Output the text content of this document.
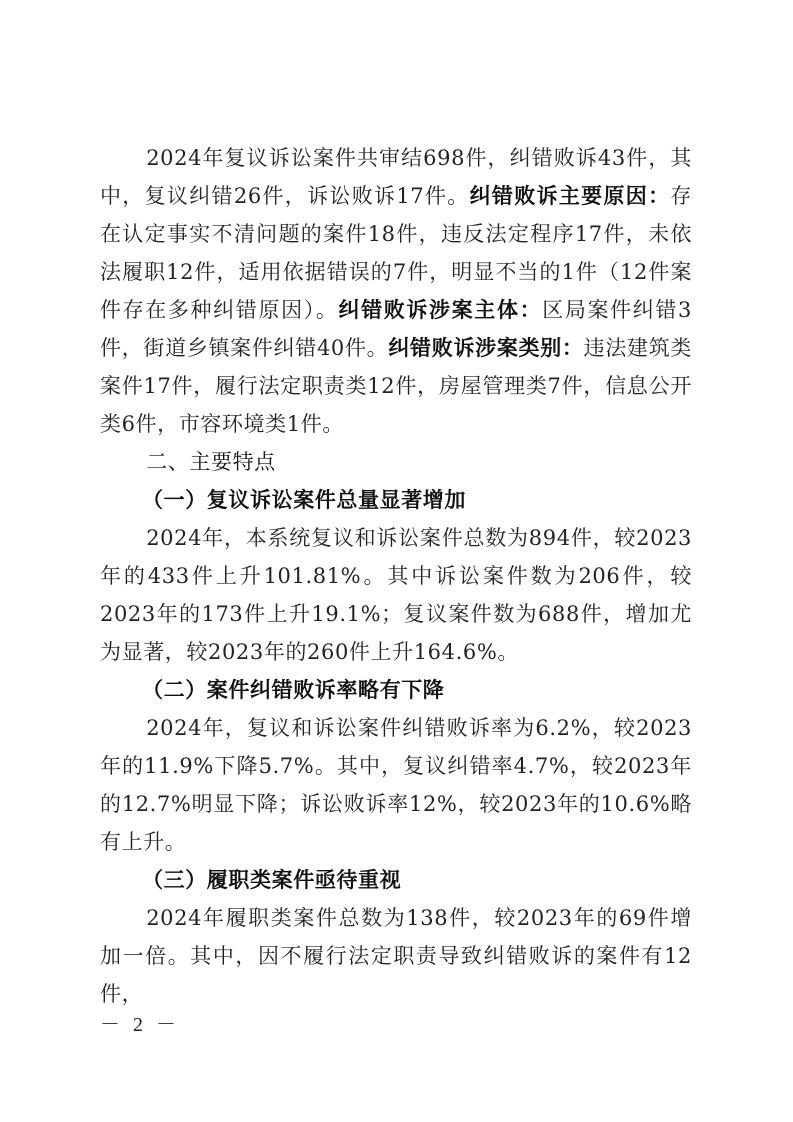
2024年复议诉讼案件共审结698件，纠错败诉43件，其中，复议纠错26件，诉讼败诉17件。纠错败诉主要原因：存在认定事实不清问题的案件18件，违反法定程序17件，未依法履职12件，适用依据错误的7件，明显不当的1件（12件案件存在多种纠错原因）。纠错败诉涉案主体：区局案件纠错3件，街道乡镇案件纠错40件。纠错败诉涉案类别：违法建筑类案件17件，履行法定职责类12件，房屋管理类7件，信息公开类6件，市容环境类1件。

二、主要特点

（一）复议诉讼案件总量显著增加

2024年，本系统复议和诉讼案件总数为894件，较2023年的433件上升101.81%。其中诉讼案件数为206件，较2023年的173件上升19.1%；复议案件数为688件，增加尤为显著，较2023年的260件上升164.6%。

（二）案件纠错败诉率略有下降

2024年，复议和诉讼案件纠错败诉率为6.2%，较2023年的11.9%下降5.7%。其中，复议纠错率4.7%，较2023年的12.7%明显下降；诉讼败诉率12%，较2023年的10.6%略有上升。

（三）履职类案件亟待重视

2024年履职类案件总数为138件，较2023年的69件增加一倍。其中，因不履行法定职责导致纠错败诉的案件有12件，

－ 2 －
